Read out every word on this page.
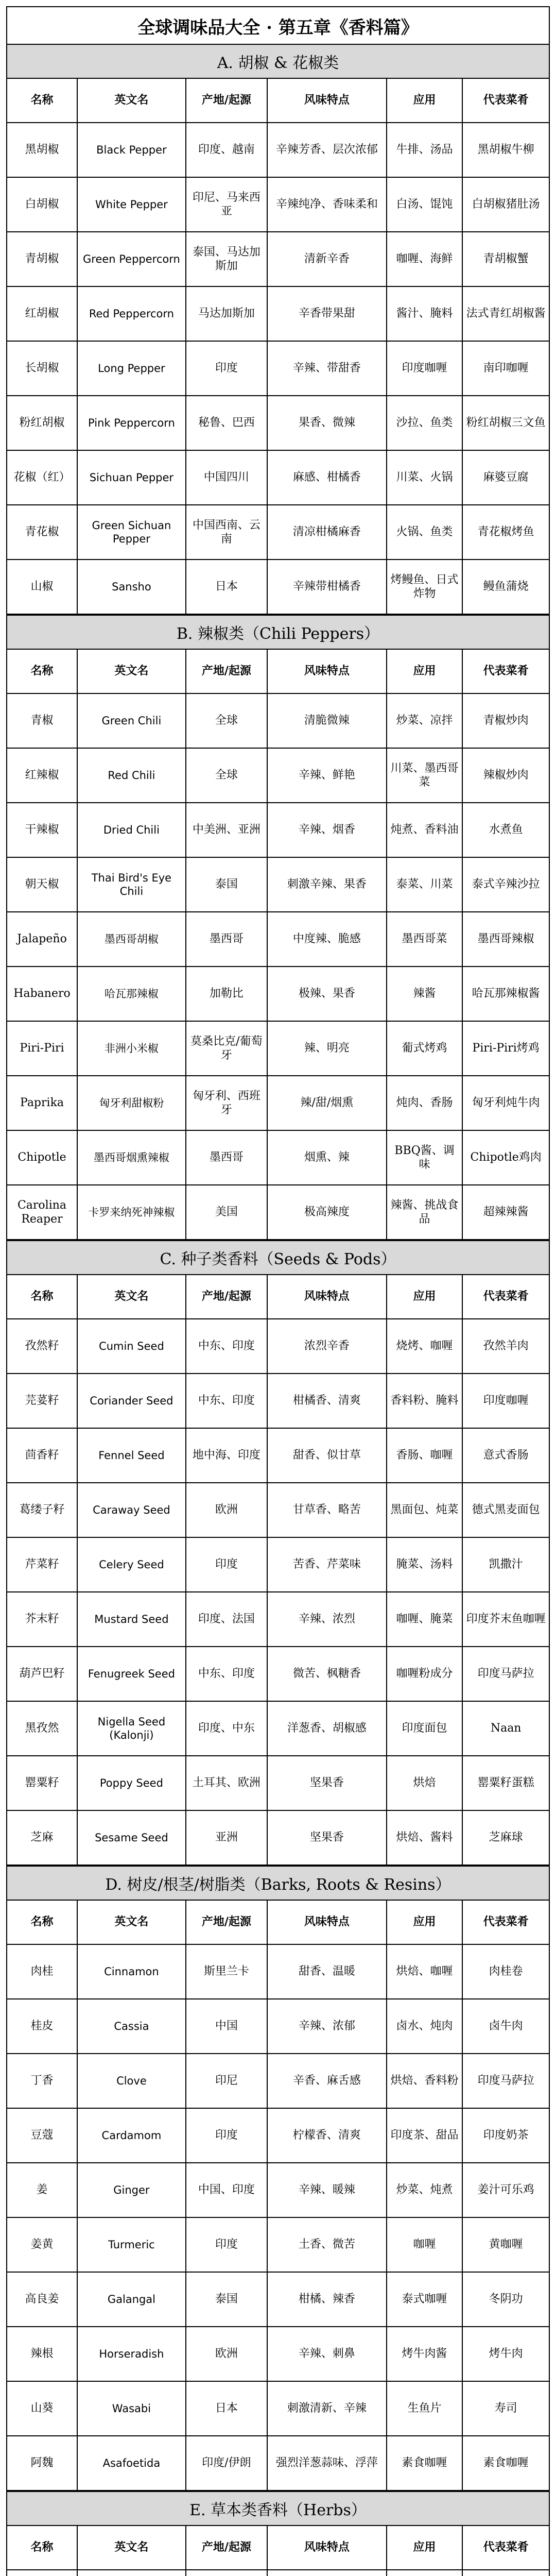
全球调味品大全 · 第五章《香料篇》
A. 胡椒 & 花椒类
名称	英文名	产地/起源	风味特点	应用	代表菜肴
黑胡椒	Black Pepper	印度、越南	辛辣芳香、层次浓郁	牛排、汤品	黑胡椒牛柳
白胡椒	White Pepper	印尼、马来西亚	辛辣纯净、香味柔和	白汤、馄饨	白胡椒猪肚汤
青胡椒	Green Peppercorn	泰国、马达加斯加	清新辛香	咖喱、海鲜	青胡椒蟹
红胡椒	Red Peppercorn	马达加斯加	辛香带果甜	酱汁、腌料	法式青红胡椒酱
长胡椒	Long Pepper	印度	辛辣、带甜香	印度咖喱	南印咖喱
粉红胡椒	Pink Peppercorn	秘鲁、巴西	果香、微辣	沙拉、鱼类	粉红胡椒三文鱼
花椒（红）	Sichuan Pepper	中国四川	麻感、柑橘香	川菜、火锅	麻婆豆腐
青花椒	Green Sichuan Pepper	中国西南、云南	清凉柑橘麻香	火锅、鱼类	青花椒烤鱼
山椒	Sansho	日本	辛辣带柑橘香	烤鳗鱼、日式炸物	鳗鱼蒲烧
B. 辣椒类（Chili Peppers）
名称	英文名	产地/起源	风味特点	应用	代表菜肴
青椒	Green Chili	全球	清脆微辣	炒菜、凉拌	青椒炒肉
红辣椒	Red Chili	全球	辛辣、鲜艳	川菜、墨西哥菜	辣椒炒肉
干辣椒	Dried Chili	中美洲、亚洲	辛辣、烟香	炖煮、香料油	水煮鱼
朝天椒	Thai Bird's Eye Chili	泰国	刺激辛辣、果香	泰菜、川菜	泰式辛辣沙拉
Jalapeño	墨西哥胡椒	墨西哥	中度辣、脆感	墨西哥菜	墨西哥辣椒
Habanero	哈瓦那辣椒	加勒比	极辣、果香	辣酱	哈瓦那辣椒酱
Piri-Piri	非洲小米椒	莫桑比克/葡萄牙	辣、明亮	葡式烤鸡	Piri-Piri烤鸡
Paprika	匈牙利甜椒粉	匈牙利、西班牙	辣/甜/烟熏	炖肉、香肠	匈牙利炖牛肉
Chipotle	墨西哥烟熏辣椒	墨西哥	烟熏、辣	BBQ酱、调味	Chipotle鸡肉
Carolina Reaper	卡罗来纳死神辣椒	美国	极高辣度	辣酱、挑战食品	超辣辣酱
C. 种子类香料（Seeds & Pods）
名称	英文名	产地/起源	风味特点	应用	代表菜肴
孜然籽	Cumin Seed	中东、印度	浓烈辛香	烧烤、咖喱	孜然羊肉
芫荽籽	Coriander Seed	中东、印度	柑橘香、清爽	香料粉、腌料	印度咖喱
茴香籽	Fennel Seed	地中海、印度	甜香、似甘草	香肠、咖喱	意式香肠
葛缕子籽	Caraway Seed	欧洲	甘草香、略苦	黑面包、炖菜	德式黑麦面包
芹菜籽	Celery Seed	印度	苦香、芹菜味	腌菜、汤料	凯撒汁
芥末籽	Mustard Seed	印度、法国	辛辣、浓烈	咖喱、腌菜	印度芥末鱼咖喱
葫芦巴籽	Fenugreek Seed	中东、印度	微苦、枫糖香	咖喱粉成分	印度马萨拉
黑孜然	Nigella Seed (Kalonji)	印度、中东	洋葱香、胡椒感	印度面包	Naan
罂粟籽	Poppy Seed	土耳其、欧洲	坚果香	烘焙	罂粟籽蛋糕
芝麻	Sesame Seed	亚洲	坚果香	烘焙、酱料	芝麻球
D. 树皮/根茎/树脂类（Barks, Roots & Resins）
名称	英文名	产地/起源	风味特点	应用	代表菜肴
肉桂	Cinnamon	斯里兰卡	甜香、温暖	烘焙、咖喱	肉桂卷
桂皮	Cassia	中国	辛辣、浓郁	卤水、炖肉	卤牛肉
丁香	Clove	印尼	辛香、麻舌感	烘焙、香料粉	印度马萨拉
豆蔻	Cardamom	印度	柠檬香、清爽	印度茶、甜品	印度奶茶
姜	Ginger	中国、印度	辛辣、暖辣	炒菜、炖煮	姜汁可乐鸡
姜黄	Turmeric	印度	土香、微苦	咖喱	黄咖喱
高良姜	Galangal	泰国	柑橘、辣香	泰式咖喱	冬阴功
辣根	Horseradish	欧洲	辛辣、刺鼻	烤牛肉酱	烤牛肉
山葵	Wasabi	日本	刺激清新、辛辣	生鱼片	寿司
阿魏	Asafoetida	印度/伊朗	强烈洋葱蒜味、浮萍	素食咖喱	素食咖喱
E. 草本类香料（Herbs）
名称	英文名	产地/起源	风味特点	应用	代表菜肴
